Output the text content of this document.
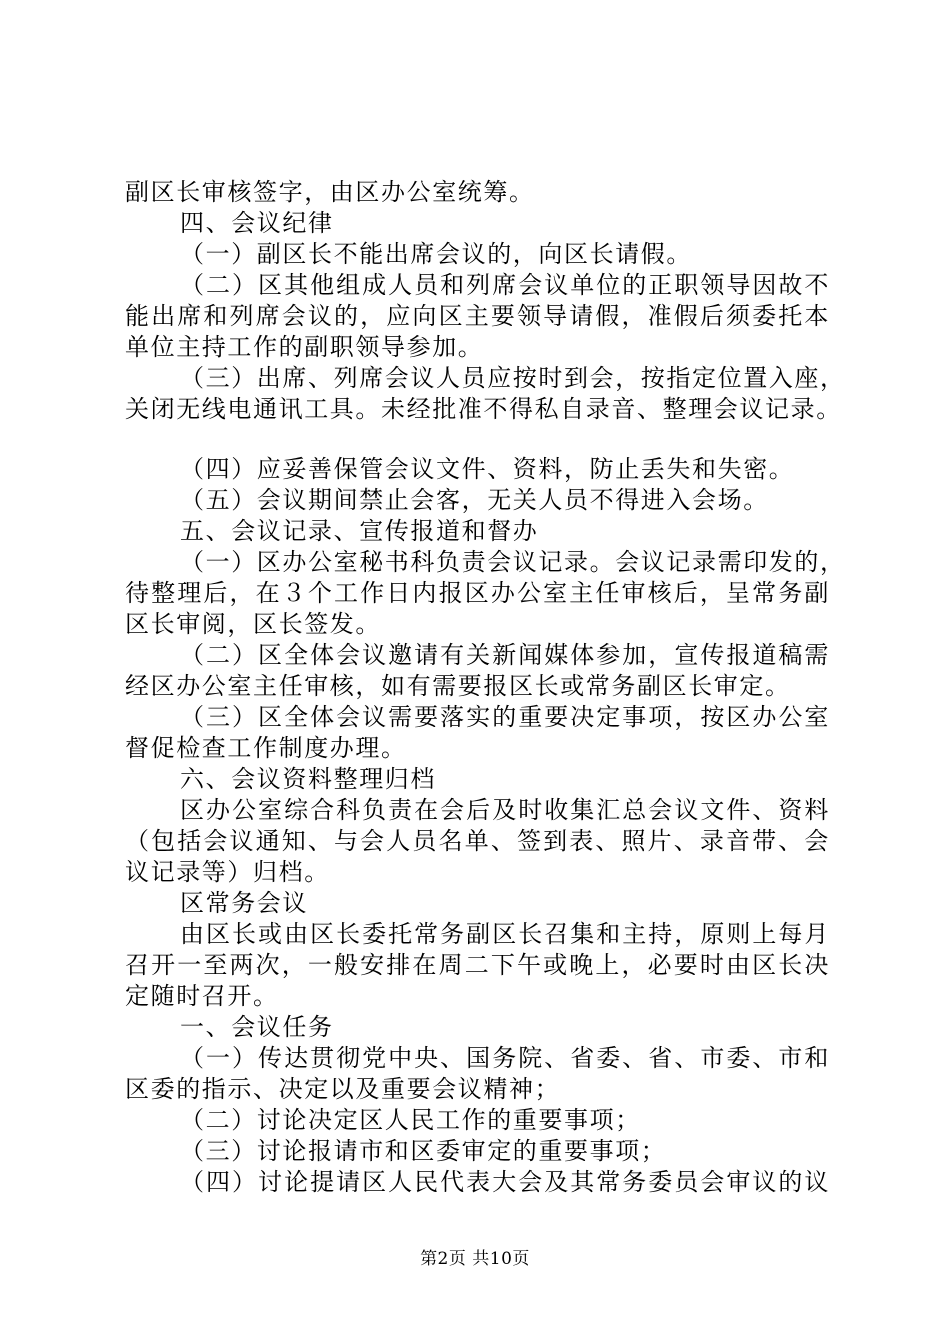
副区长审核签字，由区办公室统筹。
四、会议纪律
（一）副区长不能出席会议的，向区长请假。
（二）区其他组成人员和列席会议单位的正职领导因故不
能出席和列席会议的，应向区主要领导请假，准假后须委托本
单位主持工作的副职领导参加。
（三）出席、列席会议人员应按时到会，按指定位置入座，
关闭无线电通讯工具。未经批准不得私自录音、整理会议记录。
（四）应妥善保管会议文件、资料，防止丢失和失密。
（五）会议期间禁止会客，无关人员不得进入会场。
五、会议记录、宣传报道和督办
（一）区办公室秘书科负责会议记录。会议记录需印发的，
待整理后，在３个工作日内报区办公室主任审核后，呈常务副
区长审阅，区长签发。
（二）区全体会议邀请有关新闻媒体参加，宣传报道稿需
经区办公室主任审核，如有需要报区长或常务副区长审定。
（三）区全体会议需要落实的重要决定事项，按区办公室
督促检查工作制度办理。
六、会议资料整理归档
区办公室综合科负责在会后及时收集汇总会议文件、资料
（包括会议通知、与会人员名单、签到表、照片、录音带、会
议记录等）归档。
区常务会议
由区长或由区长委托常务副区长召集和主持，原则上每月
召开一至两次，一般安排在周二下午或晚上，必要时由区长决
定随时召开。
一、会议任务
（一）传达贯彻党中央、国务院、省委、省、市委、市和
区委的指示、决定以及重要会议精神；
（二）讨论决定区人民工作的重要事项；
（三）讨论报请市和区委审定的重要事项；
（四）讨论提请区人民代表大会及其常务委员会审议的议
第2页 共10页
